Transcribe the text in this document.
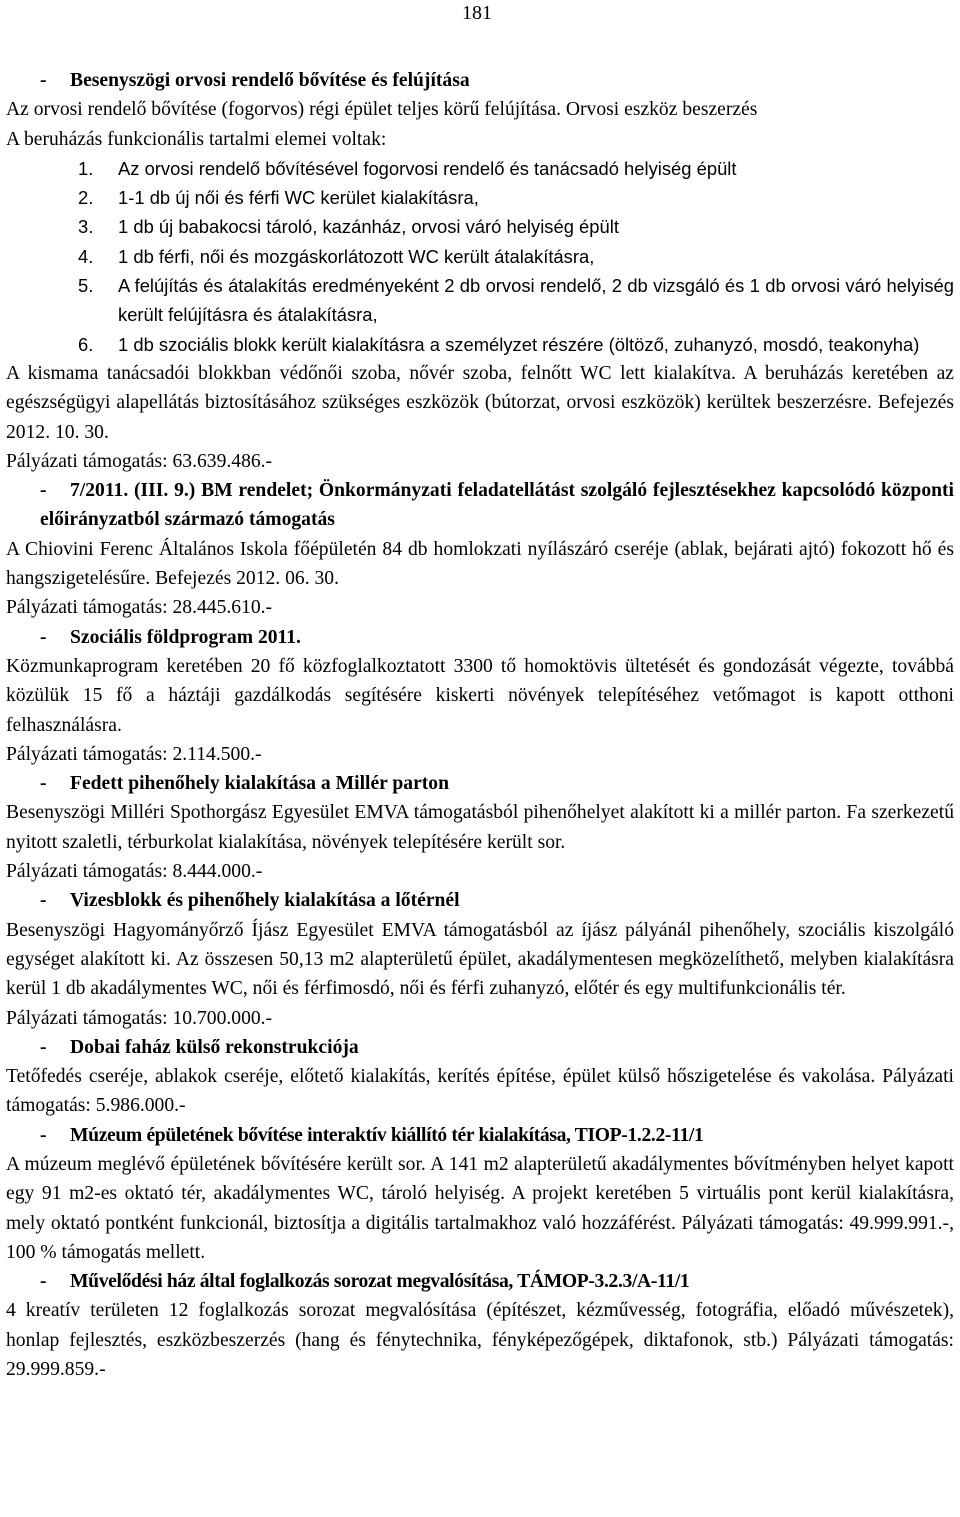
181
- Besenyszögi orvosi rendelő bővítése és felújítása

Az orvosi rendelő bővítése (fogorvos) régi épület teljes körű felújítása. Orvosi eszköz beszerzés

A beruházás funkcionális tartalmi elemei voltak:

1. Az orvosi rendelő bővítésével fogorvosi rendelő és tanácsadó helyiség épült
2. 1-1 db új női és férfi WC kerület kialakításra,
3. 1 db új babakocsi tároló, kazánház, orvosi váró helyiség épült
4. 1 db férfi, női és mozgáskorlátozott WC került átalakításra,
5. A felújítás és átalakítás eredményeként 2 db orvosi rendelő, 2 db vizsgáló és 1 db orvosi váró helyiség került felújításra és átalakításra,
6. 1 db szociális blokk került kialakításra a személyzet részére (öltöző, zuhanyzó, mosdó, teakonyha)

A kismama tanácsadói blokkban védőnői szoba, nővér szoba, felnőtt WC lett kialakítva. A beruházás keretében az egészségügyi alapellátás biztosításához szükséges eszközök (bútorzat, orvosi eszközök) kerültek beszerzésre. Befejezés 2012. 10. 30.

Pályázati támogatás: 63.639.486.-

- 7/2011. (III. 9.) BM rendelet; Önkormányzati feladatellátást szolgáló fejlesztésekhez kapcsolódó központi előirányzatból származó támogatás

A Chiovini Ferenc Általános Iskola főépületén 84 db homlokzati nyílászáró cseréje (ablak, bejárati ajtó) fokozott hő és hangszigetelésűre. Befejezés 2012. 06. 30.

Pályázati támogatás: 28.445.610.-

- Szociális földprogram 2011.

Közmunkaprogram keretében 20 fő közfoglalkoztatott 3300 tő homoktövis ültetését és gondozását végezte, továbbá közülük 15 fő a háztáji gazdálkodás segítésére kiskerti növények telepítéséhez vetőmagot is kapott otthoni felhasználásra.

Pályázati támogatás: 2.114.500.-

- Fedett pihenőhely kialakítása a Millér parton

Besenyszögi Milléri Spothorgász Egyesület EMVA támogatásból pihenőhelyet alakított ki a millér parton. Fa szerkezetű nyitott szaletli, térburkolat kialakítása, növények telepítésére került sor.

Pályázati támogatás: 8.444.000.-

- Vizesblokk és pihenőhely kialakítása a lőtérnél

Besenyszögi Hagyományőrző Íjász Egyesület EMVA támogatásból az íjász pályánál pihenőhely, szociális kiszolgáló egységet alakított ki. Az összesen 50,13 m2 alapterületű épület, akadálymentesen megközelíthető, melyben kialakításra kerül 1 db akadálymentes WC, női és férfimosdó, női és férfi zuhanyzó, előtér és egy multifunkcionális tér.

Pályázati támogatás: 10.700.000.-

- Dobai faház külső rekonstrukciója

Tetőfedés cseréje, ablakok cseréje, előtető kialakítás, kerítés építése, épület külső hőszigetelése és vakolása. Pályázati támogatás: 5.986.000.-

- Múzeum épületének bővítése interaktív kiállító tér kialakítása, TIOP-1.2.2-11/1

A múzeum meglévő épületének bővítésére került sor. A 141 m2 alapterületű akadálymentes bővítményben helyet kapott egy 91 m2-es oktató tér, akadálymentes WC, tároló helyiség. A projekt keretében 5 virtuális pont kerül kialakításra, mely oktató pontként funkcionál, biztosítja a digitális tartalmakhoz való hozzáférést. Pályázati támogatás: 49.999.991.-, 100 % támogatás mellett.

- Művelődési ház által foglalkozás sorozat megvalósítása, TÁMOP-3.2.3/A-11/1

4 kreatív területen 12 foglalkozás sorozat megvalósítása (építészet, kézművesség, fotográfia, előadó művészetek), honlap fejlesztés, eszközbeszerzés (hang és fénytechnika, fényképezőgépek, diktafonok, stb.) Pályázati támogatás: 29.999.859.-
